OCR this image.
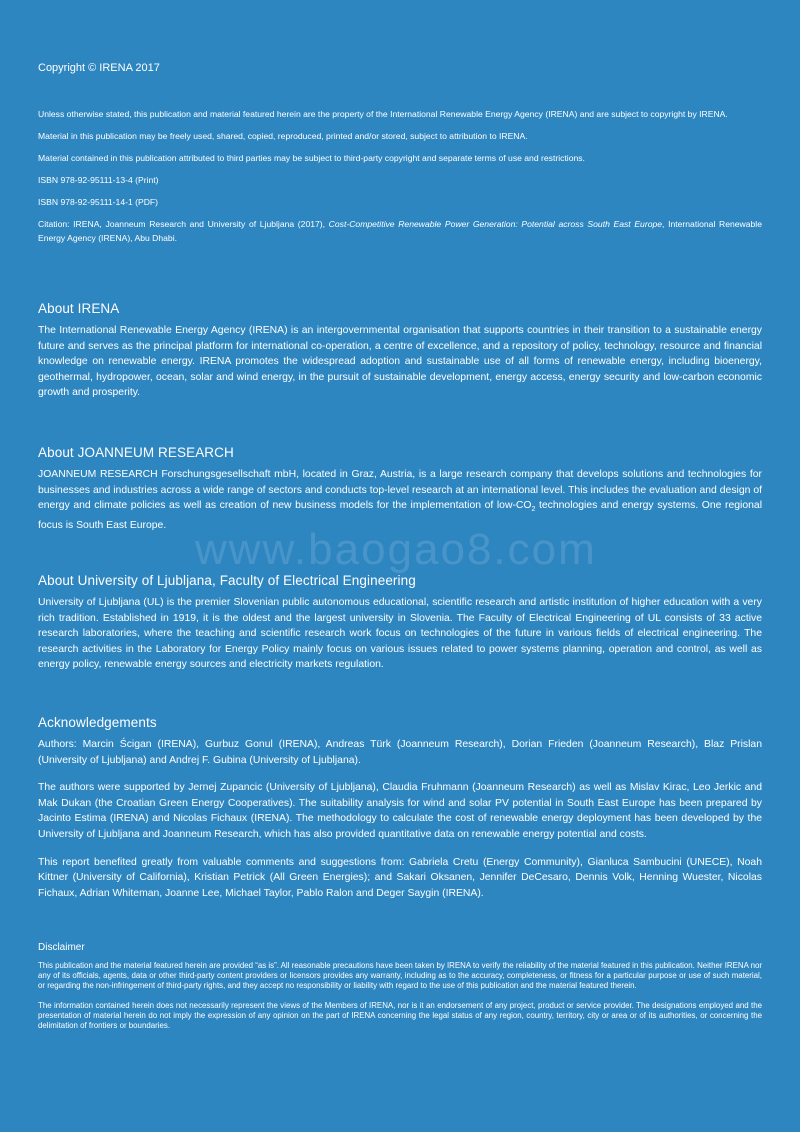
www.baogao8.com

Copyright © IRENA 2017

Unless otherwise stated, this publication and material featured herein are the property of the International Renewable Energy Agency (IRENA) and are subject to copyright by IRENA.

Material in this publication may be freely used, shared, copied, reproduced, printed and/or stored, subject to attribution to IRENA.

Material contained in this publication attributed to third parties may be subject to third-party copyright and separate terms of use and restrictions.

ISBN 978-92-95111-13-4 (Print)

ISBN 978-92-95111-14-1 (PDF)

Citation: IRENA, Joanneum Research and University of Ljubljana (2017), Cost-Competitive Renewable Power Generation: Potential across South East Europe, International Renewable Energy Agency (IRENA), Abu Dhabi.

About IRENA

The International Renewable Energy Agency (IRENA) is an intergovernmental organisation that supports countries in their transition to a sustainable energy future and serves as the principal platform for international co-operation, a centre of excellence, and a repository of policy, technology, resource and financial knowledge on renewable energy. IRENA promotes the widespread adoption and sustainable use of all forms of renewable energy, including bioenergy, geothermal, hydropower, ocean, solar and wind energy, in the pursuit of sustainable development, energy access, energy security and low-carbon economic growth and prosperity.

About JOANNEUM RESEARCH

JOANNEUM RESEARCH Forschungsgesellschaft mbH, located in Graz, Austria, is a large research company that develops solutions and technologies for businesses and industries across a wide range of sectors and conducts top-level research at an international level. This includes the evaluation and design of energy and climate policies as well as creation of new business models for the implementation of low-$CO_2$ technologies and energy systems. One regional focus is South East Europe.

About University of Ljubljana, Faculty of Electrical Engineering

University of Ljubljana (UL) is the premier Slovenian public autonomous educational, scientific research and artistic institution of higher education with a very rich tradition. Established in 1919, it is the oldest and the largest university in Slovenia. The Faculty of Electrical Engineering of UL consists of 33 active research laboratories, where the teaching and scientific research work focus on technologies of the future in various fields of electrical engineering. The research activities in the Laboratory for Energy Policy mainly focus on various issues related to power systems planning, operation and control, as well as energy policy, renewable energy sources and electricity markets regulation.

Acknowledgements

Authors: Marcin Ścigan (IRENA), Gurbuz Gonul (IRENA), Andreas Türk (Joanneum Research), Dorian Frieden (Joanneum Research), Blaz Prislan (University of Ljubljana) and Andrej F. Gubina (University of Ljubljana).

The authors were supported by Jernej Zupancic (University of Ljubljana), Claudia Fruhmann (Joanneum Research) as well as Mislav Kirac, Leo Jerkic and Mak Dukan (the Croatian Green Energy Cooperatives). The suitability analysis for wind and solar PV potential in South East Europe has been prepared by Jacinto Estima (IRENA) and Nicolas Fichaux (IRENA). The methodology to calculate the cost of renewable energy deployment has been developed by the University of Ljubljana and Joanneum Research, which has also provided quantitative data on renewable energy potential and costs.

This report benefited greatly from valuable comments and suggestions from: Gabriela Cretu (Energy Community), Gianluca Sambucini (UNECE), Noah Kittner (University of California), Kristian Petrick (All Green Energies); and Sakari Oksanen, Jennifer DeCesaro, Dennis Volk, Henning Wuester, Nicolas Fichaux, Adrian Whiteman, Joanne Lee, Michael Taylor, Pablo Ralon and Deger Saygin (IRENA).

Disclaimer

This publication and the material featured herein are provided “as is”. All reasonable precautions have been taken by IRENA to verify the reliability of the material featured in this publication. Neither IRENA nor any of its officials, agents, data or other third-party content providers or licensors provides any warranty, including as to the accuracy, completeness, or fitness for a particular purpose or use of such material, or regarding the non-infringement of third-party rights, and they accept no responsibility or liability with regard to the use of this publication and the material featured therein.

The information contained herein does not necessarily represent the views of the Members of IRENA, nor is it an endorsement of any project, product or service provider. The designations employed and the presentation of material herein do not imply the expression of any opinion on the part of IRENA concerning the legal status of any region, country, territory, city or area or of its authorities, or concerning the delimitation of frontiers or boundaries.
